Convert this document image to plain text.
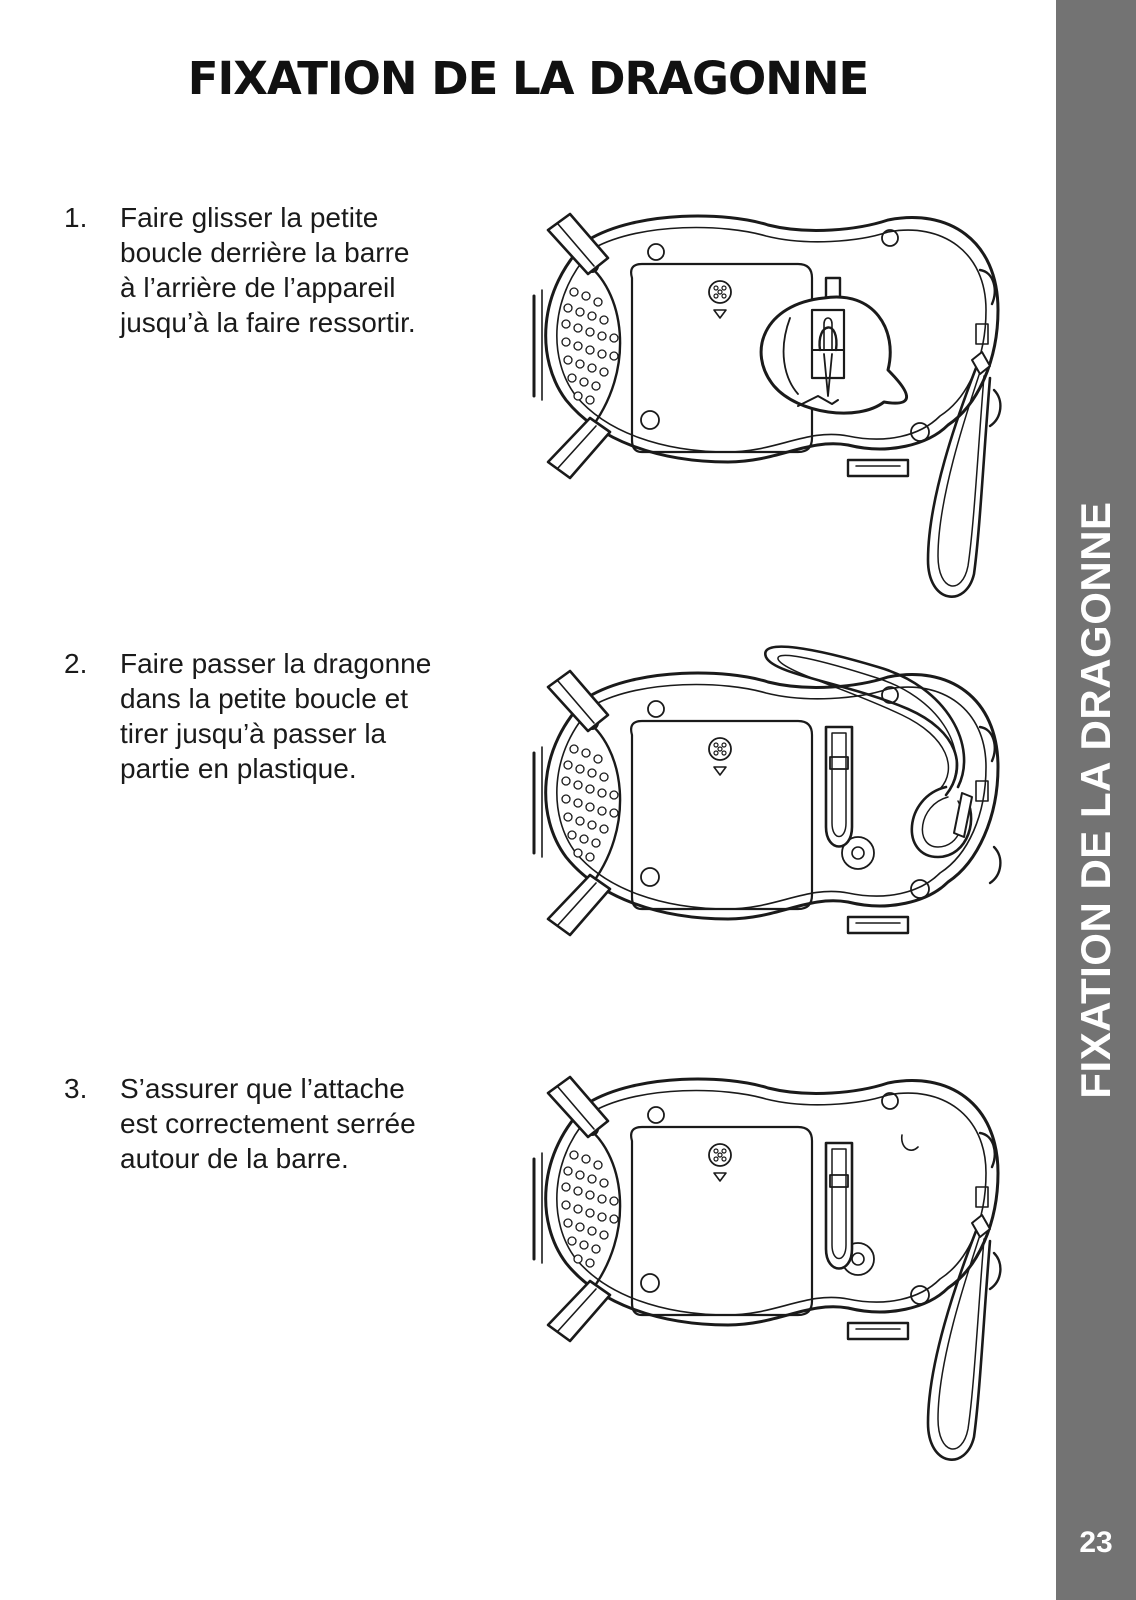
FIXATION DE LA DRAGONNE
FIXATION DE LA DRAGONNE
23
1. Faire glisser la petite
boucle derrière la barre
à l’arrière de l’appareil
jusqu’à la faire ressortir.
2. Faire passer la dragonne
dans la petite boucle et
tirer jusqu’à passer la
partie en plastique.
3. S’assurer que l’attache
est correctement serrée
autour de la barre.
